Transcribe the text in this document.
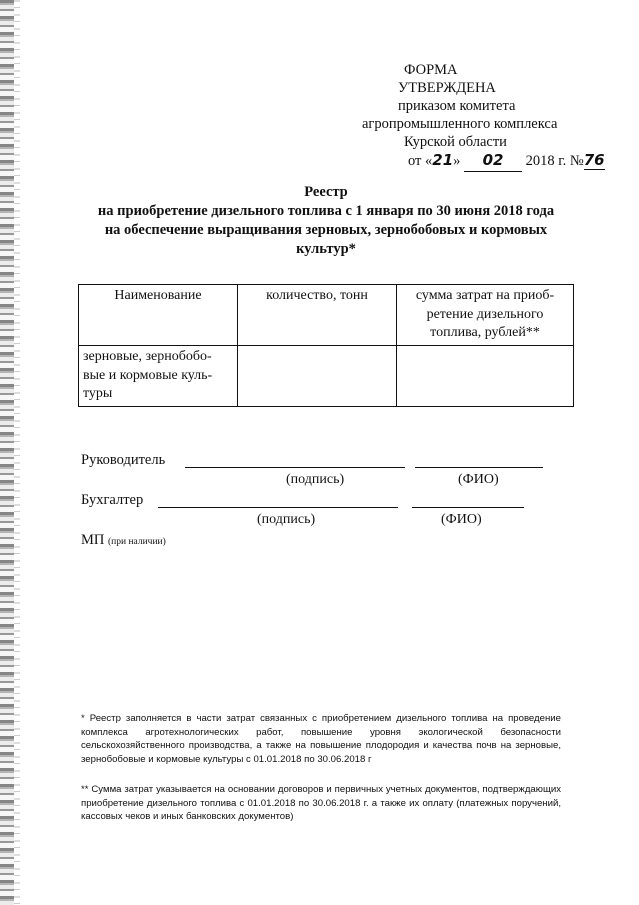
ФОРМА
УТВЕРЖДЕНА
приказом комитета
агропромышленного комплекса
Курской области
от «21» 02 2018 г. №76
Реестр
на приобретение дизельного топлива с 1 января по 30 июня 2018 года
на обеспечение выращивания зерновых, зернобобовых и кормовых
культур*
Наименование	количество, тонн	сумма затрат на приоб-
ретение дизельного
топлива, рублей**

зерновые, зернобобо-
вые и кормовые куль-
туры		

Руководитель
(подпись)	(ФИО)
Бухгалтер
(подпись)	(ФИО)
МП (при наличии)
* Реестр заполняется в части затрат связанных с приобретением дизельного топлива на проведение комплекса агротехнологических работ, повышение уровня экологической безопасности сельскохозяйственного производства, а также на повышение плодородия и качества почв на зерновые, зернобобовые и кормовые культуры с 01.01.2018 по 30.06.2018 г
** Сумма затрат указывается на основании договоров и первичных учетных документов, подтверждающих приобретение дизельного топлива с 01.01.2018 по 30.06.2018 г. а также их оплату (платежных поручений, кассовых чеков и иных банковских документов)
